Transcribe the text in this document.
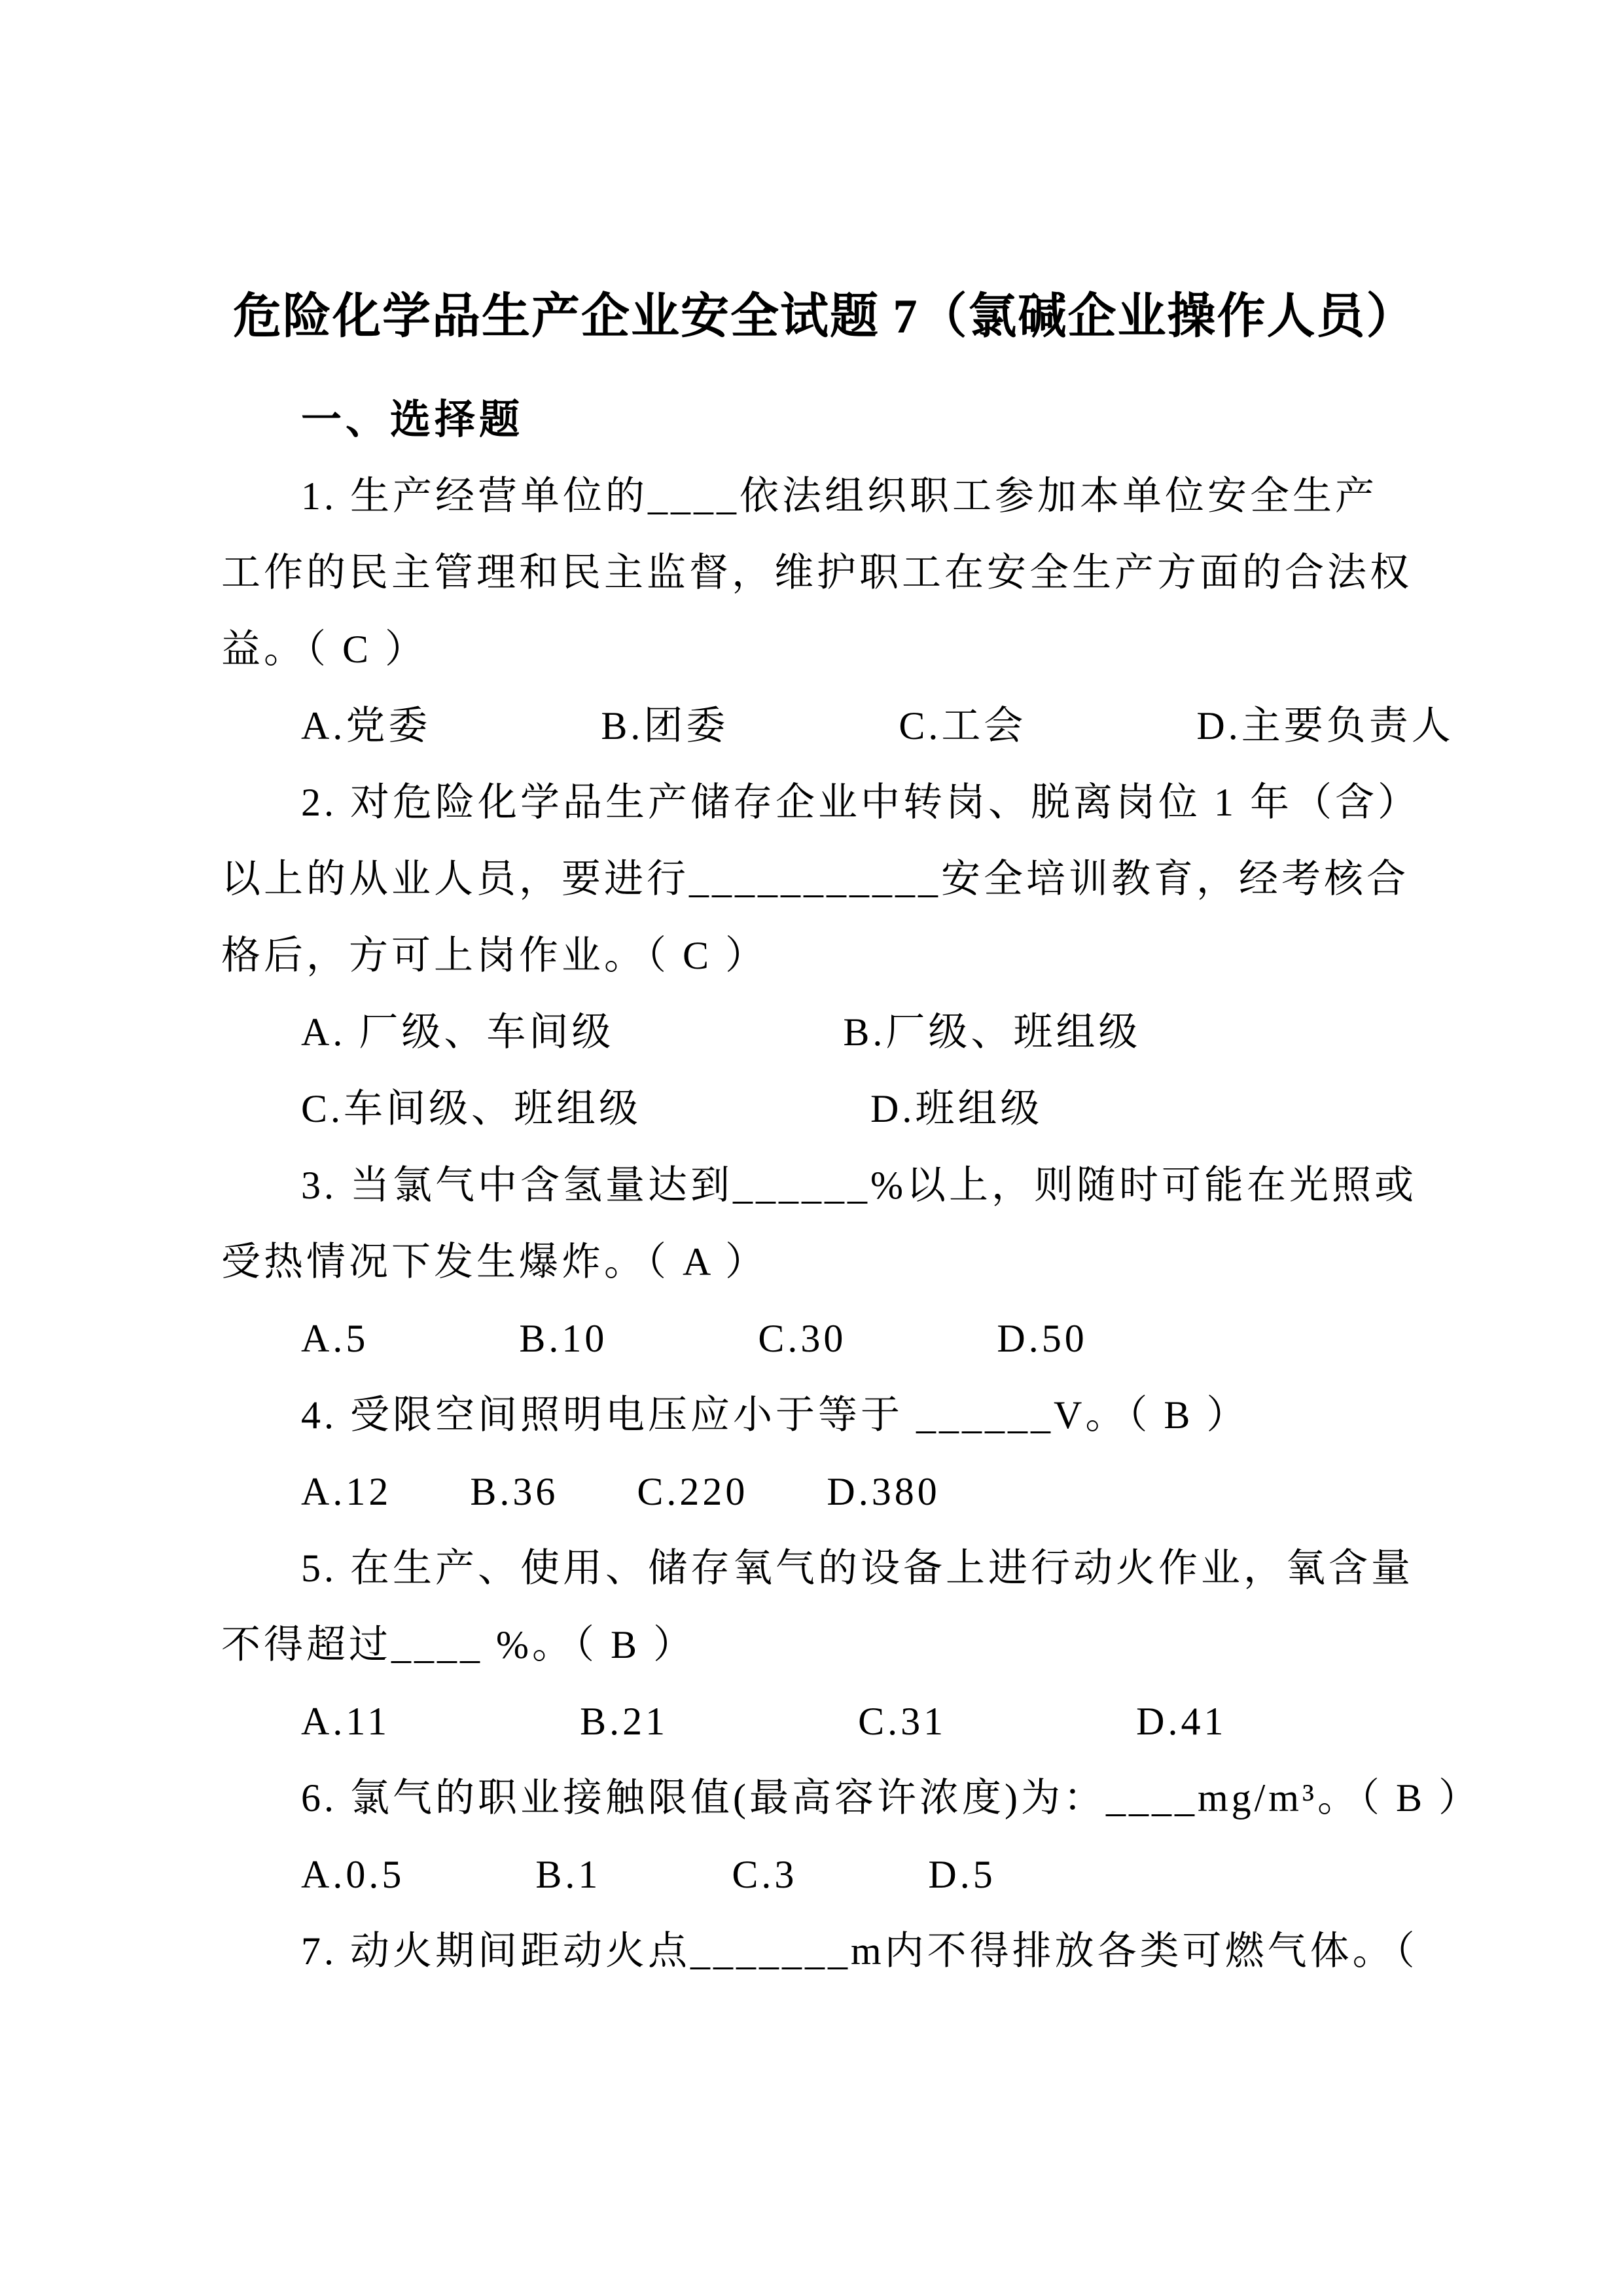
危险化学品生产企业安全试题 7（氯碱企业操作人员）
一、选择题

1. 生产经营单位的____依法组织职工参加本单位安全生产

工作的民主管理和民主监督，维护职工在安全生产方面的合法权

益。（ C ）

A.党委	B.团委	C.工会	D.主要负责人

2. 对危险化学品生产储存企业中转岗、脱离岗位 1 年（含）

以上的从业人员，要进行___________安全培训教育，经考核合

格后，方可上岗作业。（ C ）

A. 厂级、车间级	B.厂级、班组级

C.车间级、班组级	D.班组级

3. 当氯气中含氢量达到______%以上，则随时可能在光照或

受热情况下发生爆炸。（ A ）

A.5	B.10	C.30	D.50

4. 受限空间照明电压应小于等于 ______V。（ B ）

A.12 B.36 C.220 D.380

5. 在生产、使用、储存氧气的设备上进行动火作业，氧含量

不得超过____ %。（ B ）

A.11	B.21	C.31	D.41

6. 氯气的职业接触限值(最高容许浓度)为：____mg/m³。（ B ）

A.0.5	B.1	C.3	D.5

7. 动火期间距动火点_______m内不得排放各类可燃气体。（
